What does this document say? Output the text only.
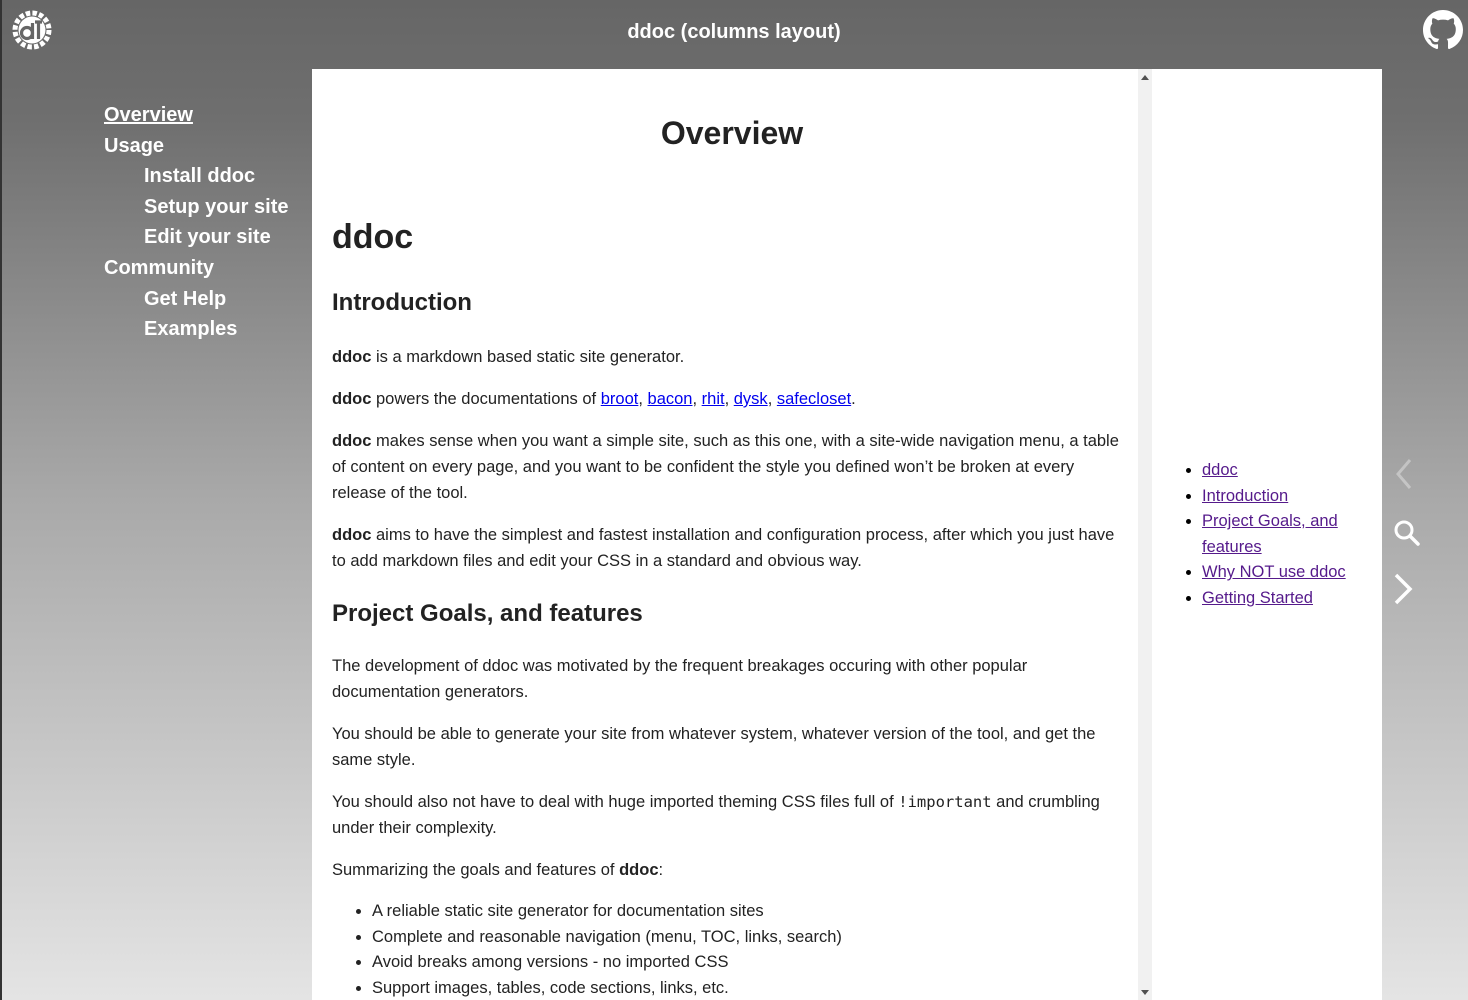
ddoc (columns layout)
Overview
Usage
Install ddoc
Setup your site
Edit your site
Community
Get Help
Examples
Overview
ddoc
Introduction

ddoc is a markdown based static site generator.

ddoc powers the documentations of broot, bacon, rhit, dysk, safecloset.

ddoc makes sense when you want a simple site, such as this one, with a site-wide navigation menu, a table of content on every page, and you want to be confident the style you defined won’t be broken at every release of the tool.

ddoc aims to have the simplest and fastest installation and configuration process, after which you just have to add markdown files and edit your CSS in a standard and obvious way.

Project Goals, and features

The development of ddoc was motivated by the frequent breakages occuring with other popular documentation generators.

You should be able to generate your site from whatever system, whatever version of the tool, and get the same style.

You should also not have to deal with huge imported theming CSS files full of !important and crumbling under their complexity.

Summarizing the goals and features of ddoc:

• A reliable static site generator for documentation sites
• Complete and reasonable navigation (menu, TOC, links, search)
• Avoid breaks among versions - no imported CSS
• Support images, tables, code sections, links, etc.
• ddoc
• Introduction
• Project Goals, and features
• Why NOT use ddoc
• Getting Started
